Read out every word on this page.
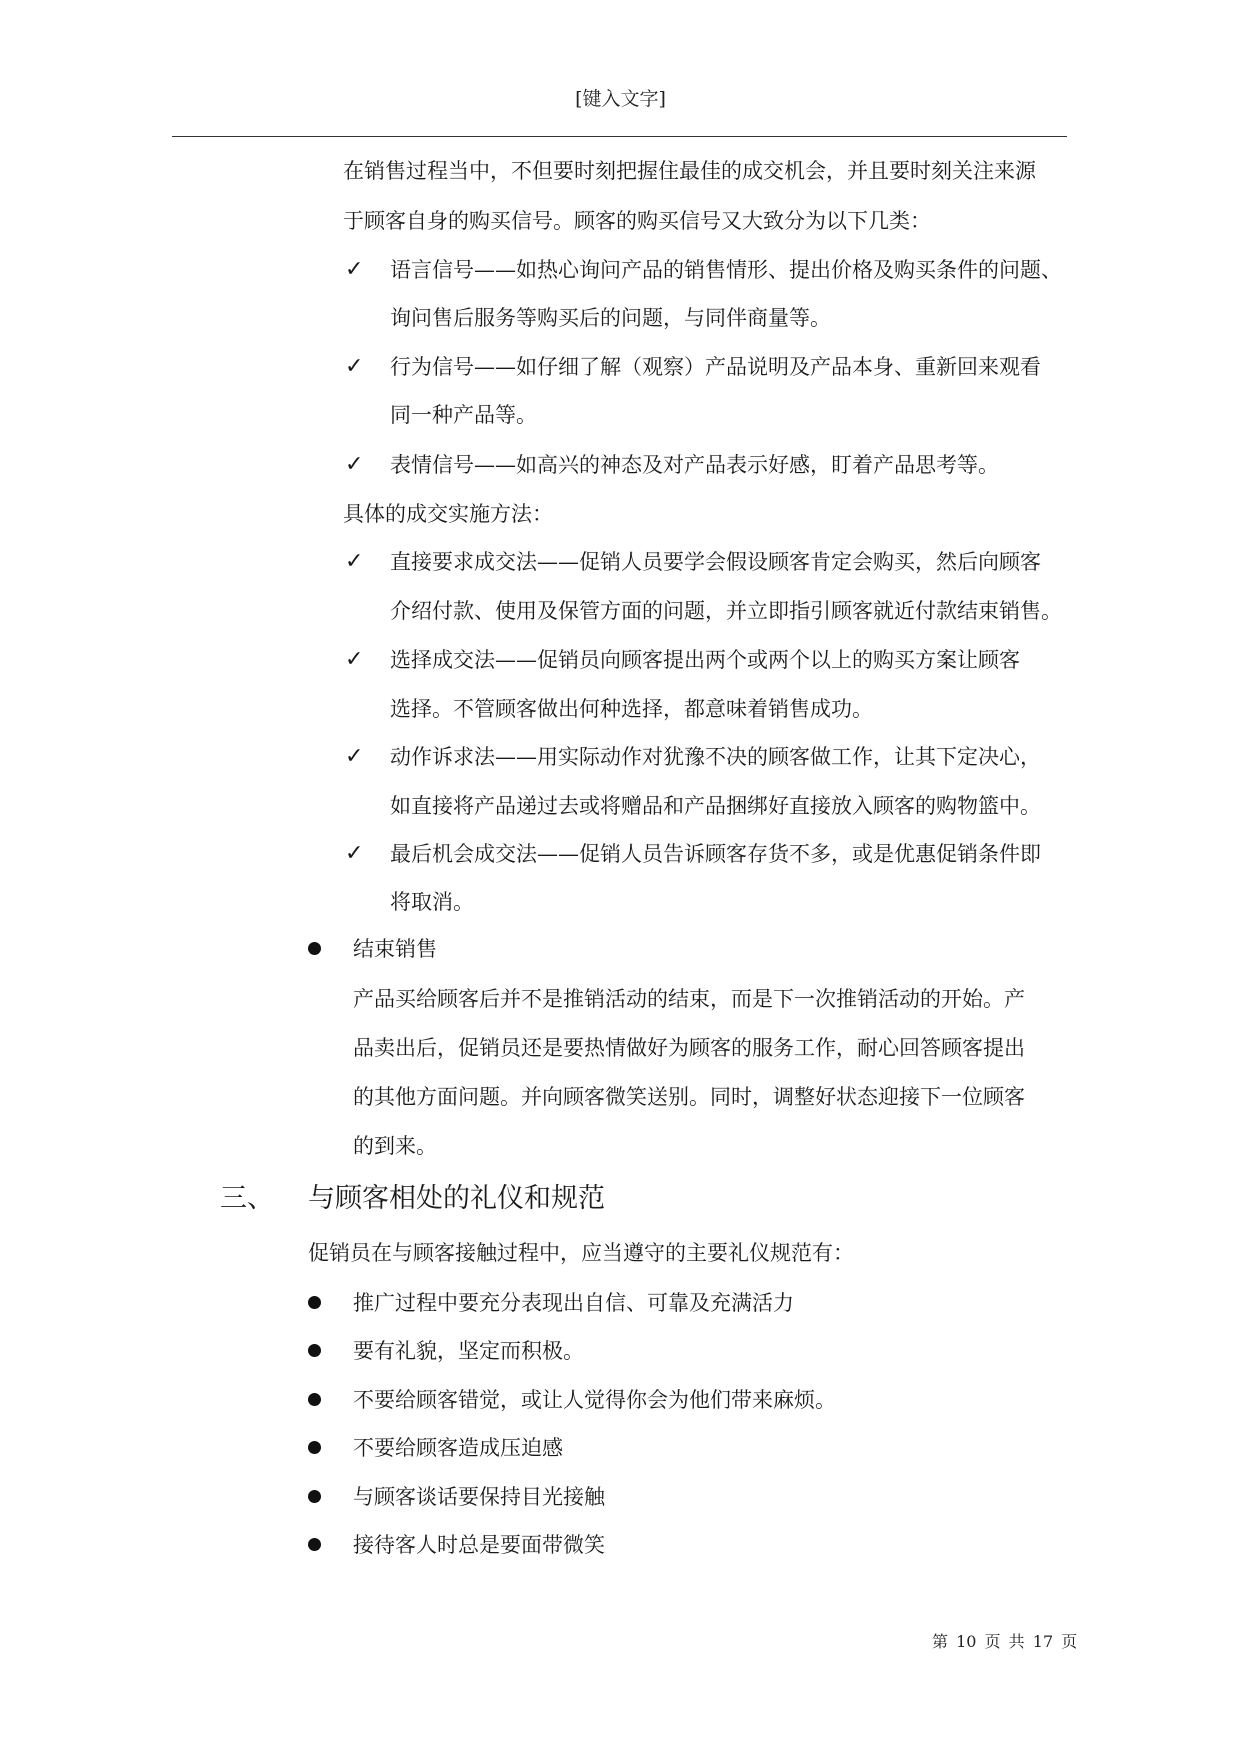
[键入文字]
在销售过程当中，不但要时刻把握住最佳的成交机会，并且要时刻关注来源
于顾客自身的购买信号。顾客的购买信号又大致分为以下几类：
✓ 语言信号——如热心询问产品的销售情形、提出价格及购买条件的问题、
询问售后服务等购买后的问题，与同伴商量等。
✓ 行为信号——如仔细了解（观察）产品说明及产品本身、重新回来观看
同一种产品等。
✓ 表情信号——如高兴的神态及对产品表示好感，盯着产品思考等。
具体的成交实施方法：
✓ 直接要求成交法——促销人员要学会假设顾客肯定会购买，然后向顾客
介绍付款、使用及保管方面的问题，并立即指引顾客就近付款结束销售。
✓ 选择成交法——促销员向顾客提出两个或两个以上的购买方案让顾客
选择。不管顾客做出何种选择，都意味着销售成功。
✓ 动作诉求法——用实际动作对犹豫不决的顾客做工作，让其下定决心，
如直接将产品递过去或将赠品和产品捆绑好直接放入顾客的购物篮中。
✓ 最后机会成交法——促销人员告诉顾客存货不多，或是优惠促销条件即
将取消。
结束销售
产品买给顾客后并不是推销活动的结束，而是下一次推销活动的开始。产
品卖出后，促销员还是要热情做好为顾客的服务工作，耐心回答顾客提出
的其他方面问题。并向顾客微笑送别。同时，调整好状态迎接下一位顾客
的到来。
三、 与顾客相处的礼仪和规范
促销员在与顾客接触过程中，应当遵守的主要礼仪规范有：
推广过程中要充分表现出自信、可靠及充满活力
要有礼貌，坚定而积极。
不要给顾客错觉，或让人觉得你会为他们带来麻烦。
不要给顾客造成压迫感
与顾客谈话要保持目光接触
接待客人时总是要面带微笑
第 10 页 共 17 页
